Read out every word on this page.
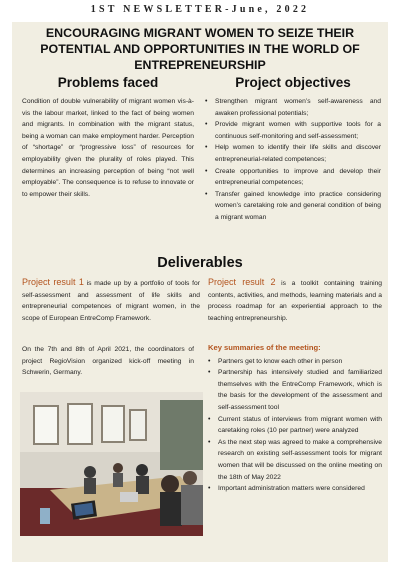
1ST NEWSLETTER-June, 2022
ENCOURAGING MIGRANT WOMEN TO SEIZE THEIR POTENTIAL AND OPPORTUNITIES IN THE WORLD OF ENTREPRENEURSHIP
Problems faced
Condition of double vulnerability of migrant women vis-à-vis the labour market, linked to the fact of being women and migrants. In combination with the migrant status, being a woman can make employment harder. Perception of “shortage” or “progressive loss” of resources for employability given the plurality of roles played. This determines an increasing perception of being “not well employable”. The consequence is to refuse to innovate or to empower their skills.
Project objectives
• Strengthen migrant women’s self-awareness and awaken professional potentials;
• Provide migrant women with supportive tools for a continuous self-monitoring and self-assessment;
• Help women to identify their life skills and discover entrepreneurial-related competences;
• Create opportunities to improve and develop their entrepreneurial competences;
• Transfer gained knowledge into practice considering women’s caretaking role and general condition of being a migrant woman
Deliverables
Project result 1 is made up by a portfolio of tools for self-assessment and assessment of life skills and entrepreneurial competences of migrant women, in the scope of European EntreComp Framework.
On the 7th and 8th of April 2021, the coordinators of project RegioVision organized kick-off meeting in Schwerin, Germany.
Project result 2 is a toolkit containing training contents, activities, and methods, learning materials and a process roadmap for an experiential approach to the teaching entrepreneurship.
Key summaries of the meeting:
• Partners get to know each other in person
• Partnership has intensively studied and familiarized themselves with the EntreComp Framework, which is the basis for the development of the assessment and self-assessment tool
• Current status of interviews from migrant women with caretaking roles (10 per partner) were analyzed
• As the next step was agreed to make a comprehensive research on existing self-assessment tools for migrant women that will be discussed on the online meeting on the 18th of May 2022
• Important administration matters were considered
